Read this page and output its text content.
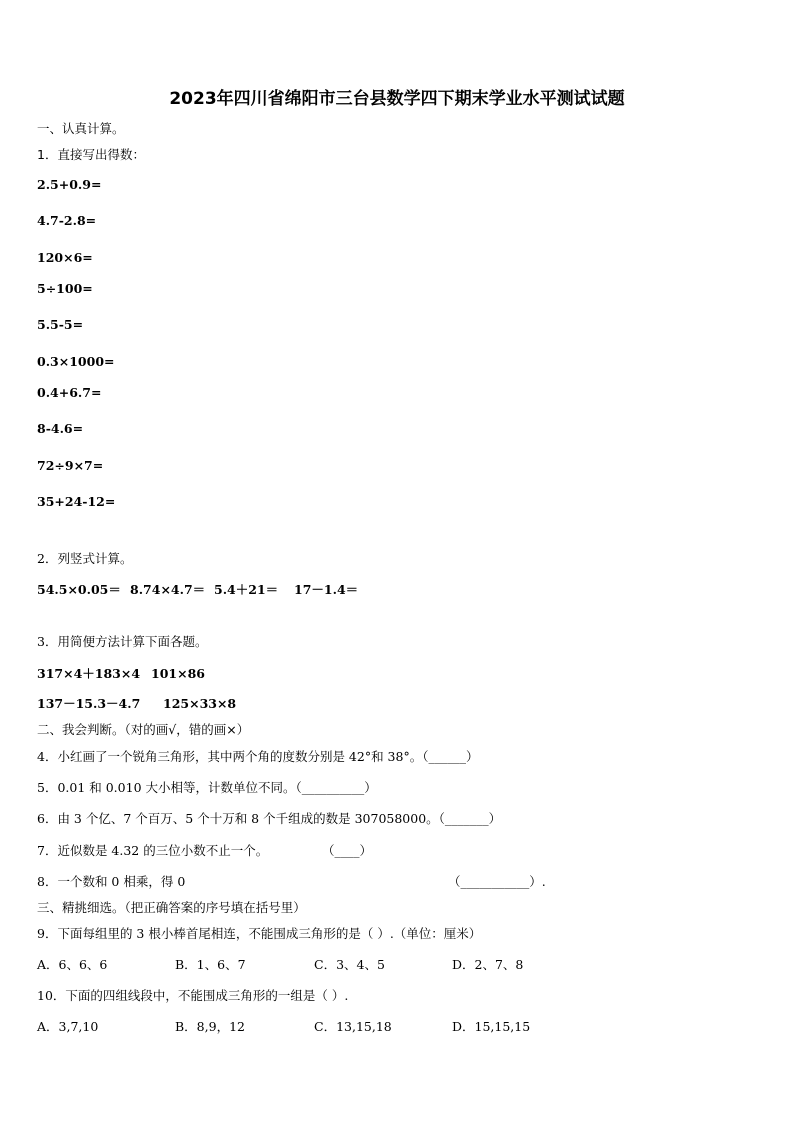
2023年四川省绵阳市三台县数学四下期末学业水平测试试题
一、认真计算。
1．直接写出得数：
2.5+0.9=
4.7-2.8=
120×6=
5÷100=
5.5-5=
0.3×1000=
0.4+6.7=
8-4.6=
72÷9×7=
35+24-12=
2．列竖式计算。
54.5×0.05＝ 8.74×4.7＝ 5.4＋21＝ 17－1.4＝
3．用简便方法计算下面各题。
317×4＋183×4 101×86
137－15.3－4.7 125×33×8
二、我会判断。（对的画√，错的画×）
4．小红画了一个锐角三角形，其中两个角的度数分别是 42°和 38°。（______）
5．0.01 和 0.010 大小相等，计数单位不同。（__________）
6．由 3 个亿、7 个百万、5 个十万和 8 个千组成的数是 307058000。（_______）
7．近似数是 4.32 的三位小数不止一个。	（____）
8．一个数和 0 相乘，得 0	（___________）.
三、精挑细选。（把正确答案的序号填在括号里）
9．下面每组里的 3 根小棒首尾相连，不能围成三角形的是（ ）.（单位：厘米）
A．6、6、6	B．1、6、7	C．3、4、5	D．2、7、8
10．下面的四组线段中，不能围成三角形的一组是（ ）.
A．3,7,10	B．8,9，12	C．13,15,18	D．15,15,15
